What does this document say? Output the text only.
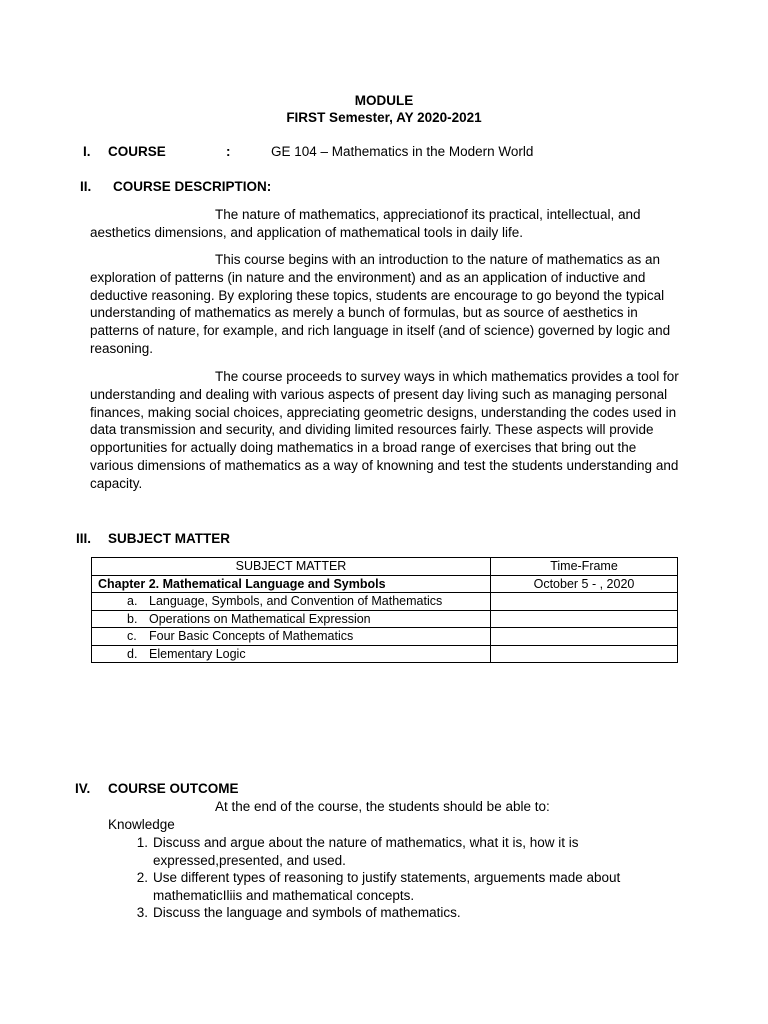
MODULE
FIRST Semester, AY 2020-2021
I. COURSE	:	GE 104 – Mathematics in the Modern World
II. COURSE DESCRIPTION:

The nature of mathematics, appreciationof its practical, intellectual, and aesthetics dimensions, and application of mathematical tools in daily life.

This course begins with an introduction to the nature of mathematics as an exploration of patterns (in nature and the environment) and as an application of inductive and deductive reasoning. By exploring these topics, students are encourage to go beyond the typical understanding of mathematics as merely a bunch of formulas, but as source of aesthetics in patterns of nature, for example, and rich language in itself (and of science) governed by logic and reasoning.

The course proceeds to survey ways in which mathematics provides a tool for understanding and dealing with various aspects of present day living such as managing personal finances, making social choices, appreciating geometric designs, understanding the codes used in data transmission and security, and dividing limited resources fairly. These aspects will provide opportunities for actually doing mathematics in a broad range of exercises that bring out the various dimensions of mathematics as a way of knowning and test the students understanding and capacity.

III. SUBJECT MATTER
SUBJECT MATTER	Time-Frame
Chapter 2. Mathematical Language and Symbols	October 5 - , 2020
a. Language, Symbols, and Convention of Mathematics	
b. Operations on Mathematical Expression	
c. Four Basic Concepts of Mathematics	
d. Elementary Logic	
IV. COURSE OUTCOME
At the end of the course, the students should be able to:
Knowledge
1. Discuss and argue about the nature of mathematics, what it is, how it is expressed,presented, and used.
2. Use different types of reasoning to justify statements, arguements made about mathematicIliis and mathematical concepts.
3. Discuss the language and symbols of mathematics.
